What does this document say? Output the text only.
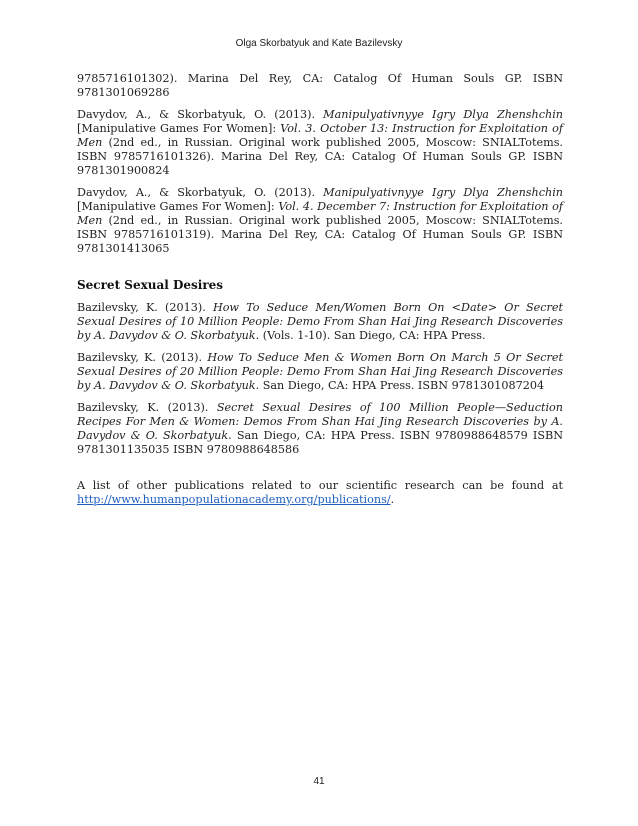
Olga Skorbatyuk and Kate Bazilevsky

9785716101302). Marina Del Rey, CA: Catalog Of Human Souls GP. ISBN 9781301069286

Davydov, A., & Skorbatyuk, O. (2013). Manipulyativnyye Igry Dlya Zhenshchin [Manipulative Games For Women]: Vol. 3. October 13: Instruction for Exploitation of Men (2nd ed., in Russian. Original work published 2005, Moscow: SNIALTotems. ISBN 9785716101326). Marina Del Rey, CA: Catalog Of Human Souls GP. ISBN 9781301900824

Davydov, A., & Skorbatyuk, O. (2013). Manipulyativnyye Igry Dlya Zhenshchin [Manipulative Games For Women]: Vol. 4. December 7: Instruction for Exploitation of Men (2nd ed., in Russian. Original work published 2005, Moscow: SNIALTotems. ISBN 9785716101319). Marina Del Rey, CA: Catalog Of Human Souls GP. ISBN 9781301413065

Secret Sexual Desires

Bazilevsky, K. (2013). How To Seduce Men/Women Born On <Date> Or Secret Sexual Desires of 10 Million People: Demo From Shan Hai Jing Research Discoveries by A. Davydov & O. Skorbatyuk. (Vols. 1-10). San Diego, CA: HPA Press.

Bazilevsky, K. (2013). How To Seduce Men & Women Born On March 5 Or Secret Sexual Desires of 20 Million People: Demo From Shan Hai Jing Research Discoveries by A. Davydov & O. Skorbatyuk. San Diego, CA: HPA Press. ISBN 9781301087204

Bazilevsky, K. (2013). Secret Sexual Desires of 100 Million People—Seduction Recipes For Men & Women: Demos From Shan Hai Jing Research Discoveries by A. Davydov & O. Skorbatyuk. San Diego, CA: HPA Press. ISBN 9780988648579 ISBN 9781301135035 ISBN 9780988648586

A list of other publications related to our scientific research can be found at http://www.humanpopulationacademy.org/publications/.

41
